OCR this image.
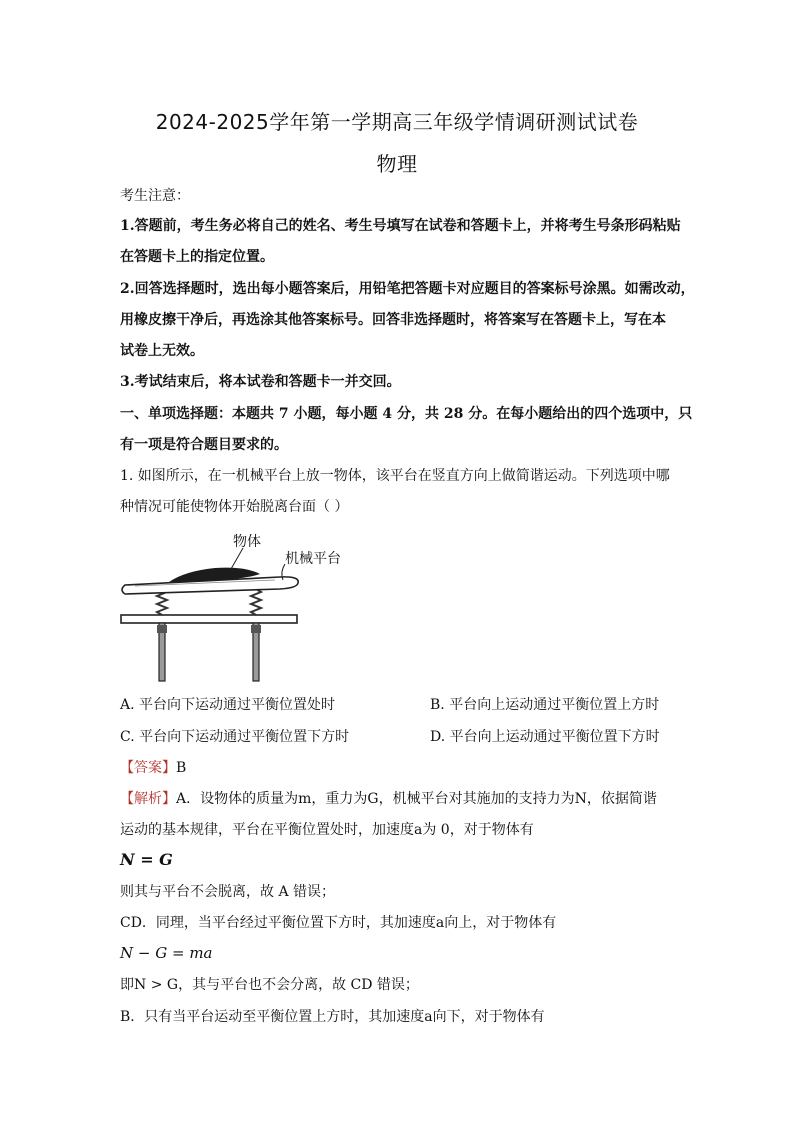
2024-2025学年第一学期高三年级学情调研测试试卷
物理
考生注意：
1.答题前，考生务必将自己的姓名、考生号填写在试卷和答题卡上，并将考生号条形码粘贴
在答题卡上的指定位置。
2.回答选择题时，选出每小题答案后，用铅笔把答题卡对应题目的答案标号涂黑。如需改动，
用橡皮擦干净后，再选涂其他答案标号。回答非选择题时，将答案写在答题卡上，写在本
试卷上无效。
3.考试结束后，将本试卷和答题卡一并交回。
一、单项选择题：本题共 7 小题，每小题 4 分，共 28 分。在每小题给出的四个选项中，只
有一项是符合题目要求的。
1. 如图所示，在一机械平台上放一物体，该平台在竖直方向上做简谐运动。下列选项中哪
种情况可能使物体开始脱离台面（ ）
物体
机械平台
A. 平台向下运动通过平衡位置处时	B. 平台向上运动通过平衡位置上方时
C. 平台向下运动通过平衡位置下方时	D. 平台向上运动通过平衡位置下方时
【答案】B
【解析】A．设物体的质量为m，重力为G，机械平台对其施加的支持力为N，依据简谐
运动的基本规律，平台在平衡位置处时，加速度a为 0，对于物体有
N = G
则其与平台不会脱离，故 A 错误；
CD．同理，当平台经过平衡位置下方时，其加速度a向上，对于物体有
N − G = ma
即N > G，其与平台也不会分离，故 CD 错误；
B．只有当平台运动至平衡位置上方时，其加速度a向下，对于物体有
